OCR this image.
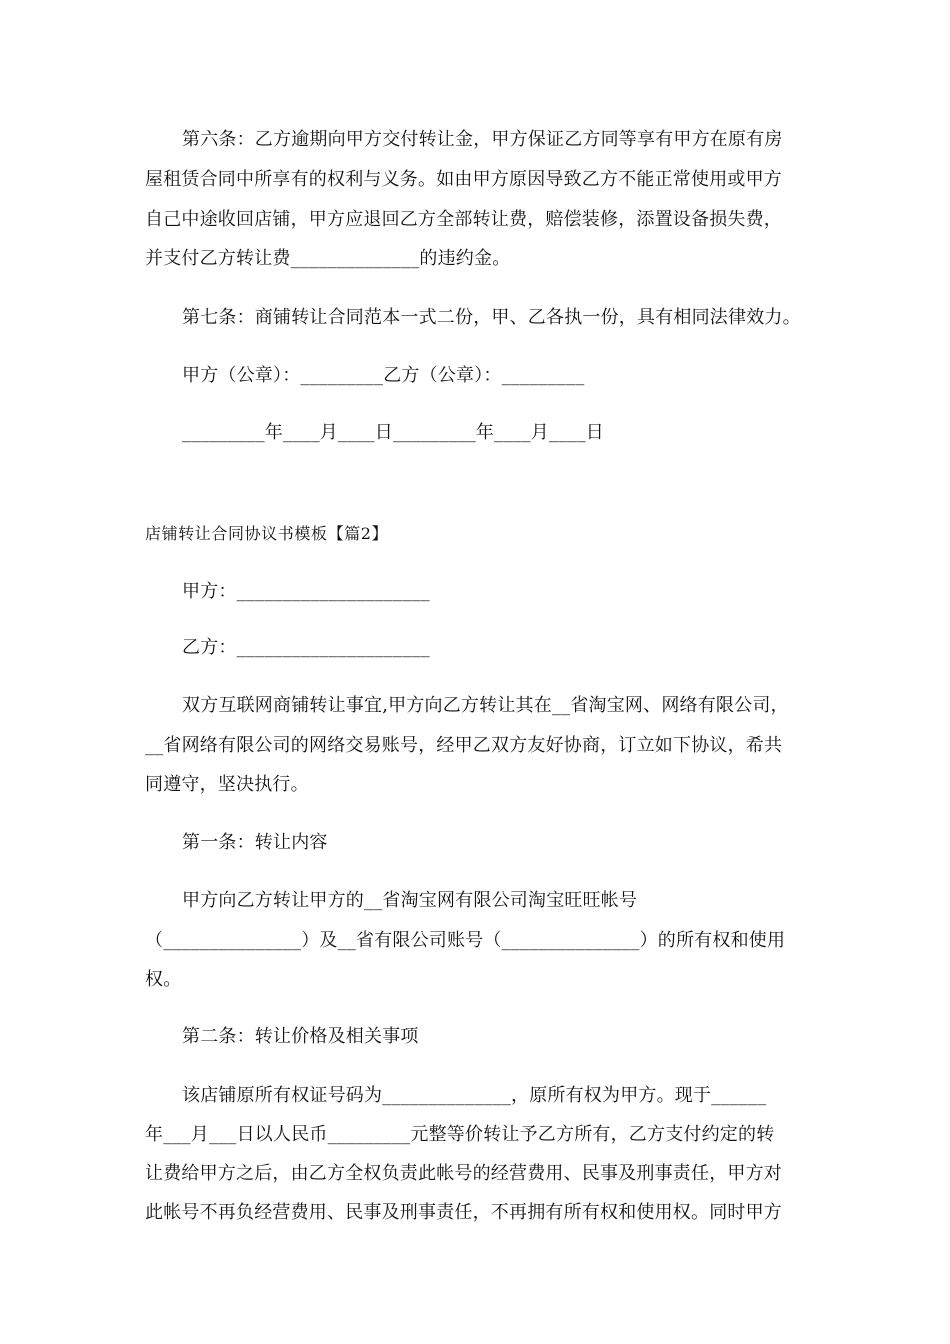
第六条：乙方逾期向甲方交付转让金，甲方保证乙方同等享有甲方在原有房
屋租赁合同中所享有的权利与义务。如由甲方原因导致乙方不能正常使用或甲方
自己中途收回店铺，甲方应退回乙方全部转让费，赔偿装修，添置设备损失费，
并支付乙方转让费______________的违约金。
第七条：商铺转让合同范本一式二份，甲、乙各执一份，具有相同法律效力。
甲方（公章）：_________乙方（公章）：_________
_________年____月____日_________年____月____日
店铺转让合同协议书模板【篇2】
甲方：_____________________
乙方：_____________________
双方互联网商铺转让事宜,甲方向乙方转让其在__省淘宝网、网络有限公司，
__省网络有限公司的网络交易账号，经甲乙双方友好协商，订立如下协议，希共
同遵守，坚决执行。
第一条：转让内容
甲方向乙方转让甲方的__省淘宝网有限公司淘宝旺旺帐号
（_______________）及__省有限公司账号（_______________）的所有权和使用
权。
第二条：转让价格及相关事项
该店铺原所有权证号码为______________，原所有权为甲方。现于______
年___月___日以人民币_________元整等价转让予乙方所有，乙方支付约定的转
让费给甲方之后，由乙方全权负责此帐号的经营费用、民事及刑事责任，甲方对
此帐号不再负经营费用、民事及刑事责任，不再拥有所有权和使用权。同时甲方
